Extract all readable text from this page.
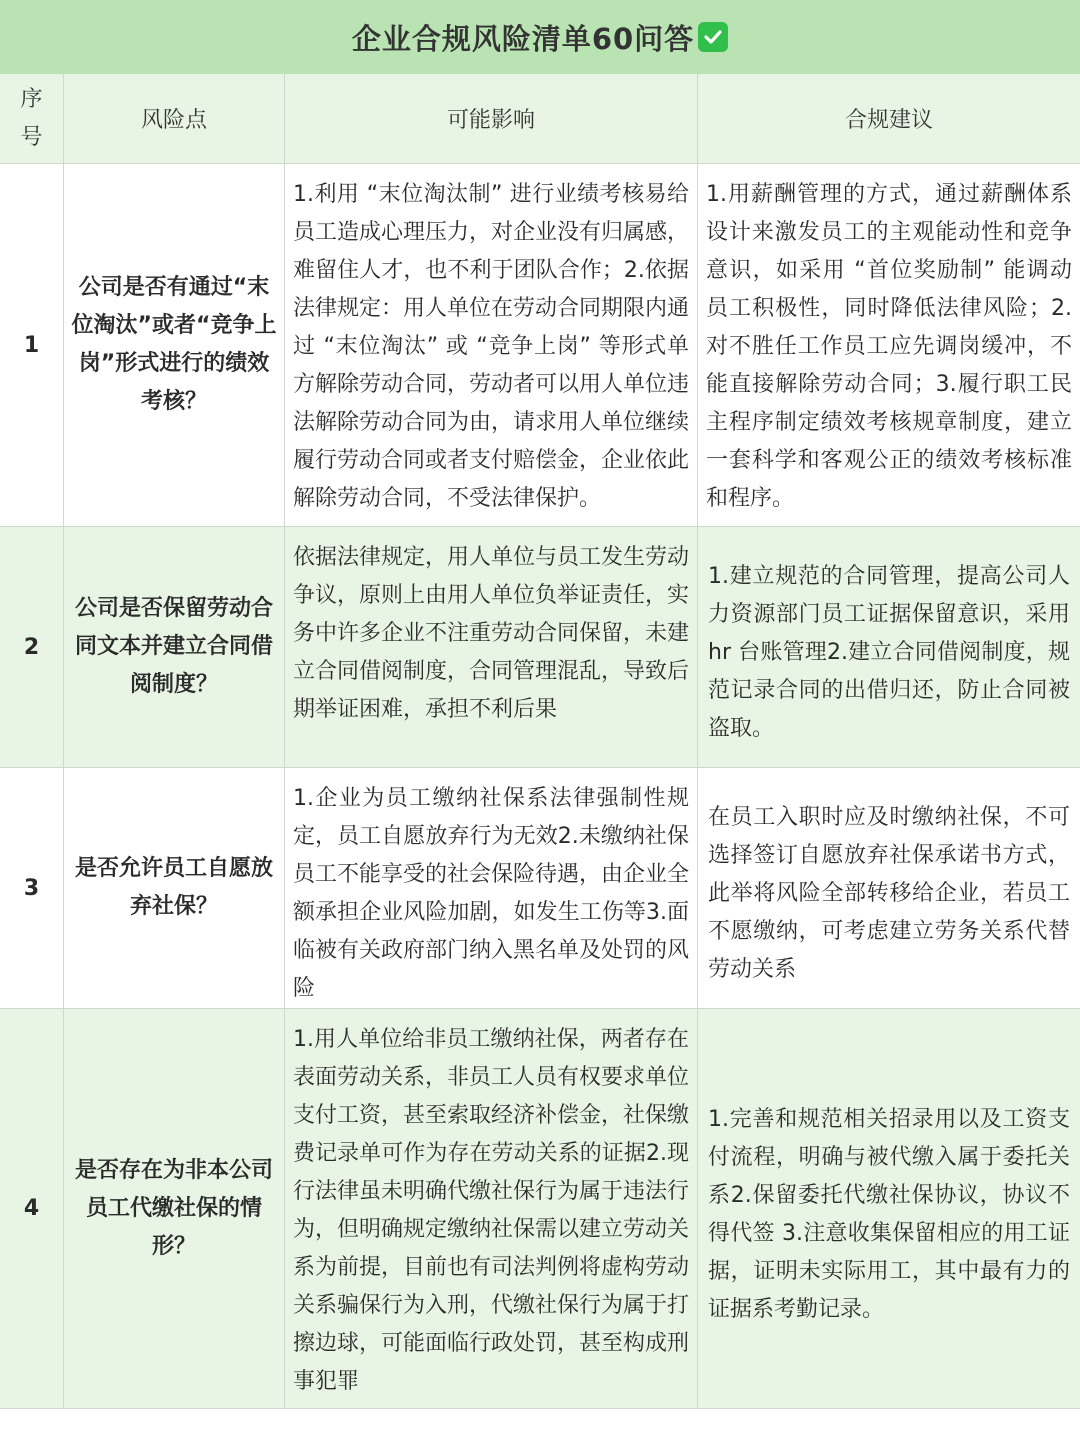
企业合规风险清单60问答
序
号
风险点	可能影响	合规建议
1
公司是否有通过“末位淘汰”或者“竞争上岗”形式进行的绩效考核？
1.利用 “末位淘汰制” 进行业绩考核易给员工造成心理压力，对企业没有归属感，难留住人才，也不利于团队合作；2.依据法律规定：用人单位在劳动合同期限内通过 “末位淘汰” 或 “竞争上岗” 等形式单方解除劳动合同，劳动者可以用人单位违法解除劳动合同为由，请求用人单位继续履行劳动合同或者支付赔偿金，企业依此解除劳动合同，不受法律保护。
1.用薪酬管理的方式，通过薪酬体系设计来激发员工的主观能动性和竞争意识，如采用 “首位奖励制” 能调动员工积极性，同时降低法律风险；2.对不胜任工作员工应先调岗缓冲，不能直接解除劳动合同；3.履行职工民主程序制定绩效考核规章制度，建立一套科学和客观公正的绩效考核标准和程序。
2
公司是否保留劳动合同文本并建立合同借阅制度？
依据法律规定，用人单位与员工发生劳动争议，原则上由用人单位负举证责任，实务中许多企业不注重劳动合同保留，未建立合同借阅制度，合同管理混乱，导致后期举证困难，承担不利后果
1.建立规范的合同管理，提高公司人力资源部门员工证据保留意识，采用 hr 台账管理2.建立合同借阅制度，规范记录合同的出借归还，防止合同被盗取。
3
是否允许员工自愿放弃社保？
1.企业为员工缴纳社保系法律强制性规定，员工自愿放弃行为无效2.未缴纳社保员工不能享受的社会保险待遇，由企业全额承担企业风险加剧，如发生工伤等3.面临被有关政府部门纳入黑名单及处罚的风险
在员工入职时应及时缴纳社保，不可选择签订自愿放弃社保承诺书方式，此举将风险全部转移给企业，若员工不愿缴纳，可考虑建立劳务关系代替劳动关系
4
是否存在为非本公司员工代缴社保的情形？
1.用人单位给非员工缴纳社保，两者存在表面劳动关系，非员工人员有权要求单位支付工资，甚至索取经济补偿金，社保缴费记录单可作为存在劳动关系的证据2.现行法律虽未明确代缴社保行为属于违法行为，但明确规定缴纳社保需以建立劳动关系为前提，目前也有司法判例将虚构劳动关系骗保行为入刑，代缴社保行为属于打擦边球，可能面临行政处罚，甚至构成刑事犯罪
1.完善和规范相关招录用以及工资支付流程，明确与被代缴入属于委托关系2.保留委托代缴社保协议，协议不得代签 3.注意收集保留相应的用工证据，证明未实际用工，其中最有力的证据系考勤记录。
